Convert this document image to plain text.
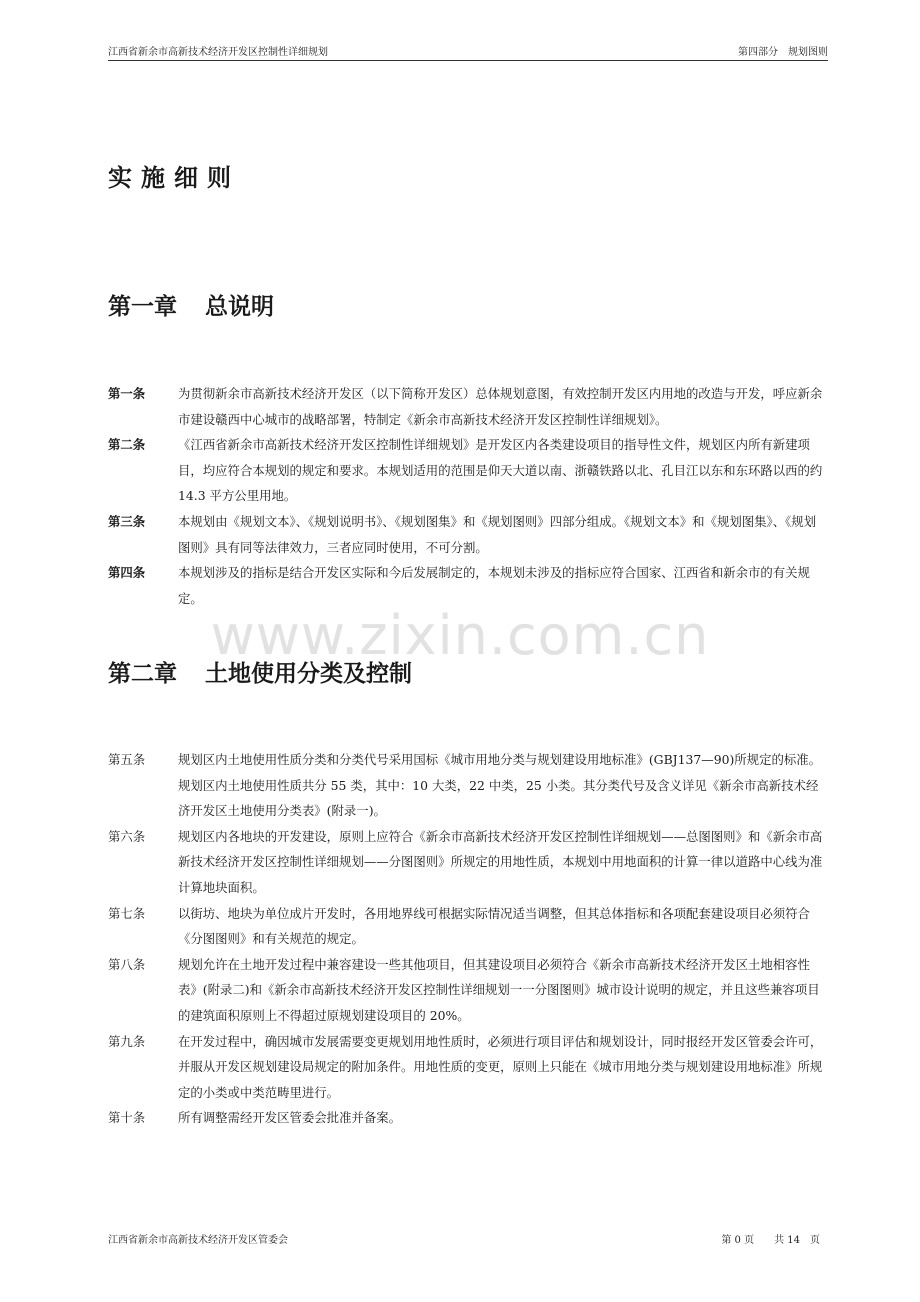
江西省新余市高新技术经济开发区控制性详细规划	第四部分　规划图则
实施细则
第一章 总说明
第一条	为贯彻新余市高新技术经济开发区（以下简称开发区）总体规划意图，有效控制开发区内用地的改造与开发，呼应新余市建设赣西中心城市的战略部署，特制定《新余市高新技术经济开发区控制性详细规划》。
第二条	《江西省新余市高新技术经济开发区控制性详细规划》是开发区内各类建设项目的指导性文件，规划区内所有新建项目，均应符合本规划的规定和要求。本规划适用的范围是仰天大道以南、浙赣铁路以北、孔目江以东和东环路以西的约 14.3 平方公里用地。
第三条	本规划由《规划文本》、《规划说明书》、《规划图集》和《规划图则》四部分组成。《规划文本》和《规划图集》、《规划图则》具有同等法律效力，三者应同时使用，不可分割。
第四条	本规划涉及的指标是结合开发区实际和今后发展制定的，本规划未涉及的指标应符合国家、江西省和新余市的有关规定。
www.zixin.com.cn
第二章 土地使用分类及控制
第五条	规划区内土地使用性质分类和分类代号采用国标《城市用地分类与规划建设用地标准》(GBJ137—90)所规定的标准。规划区内土地使用性质共分 55 类，其中：10 大类，22 中类，25 小类。其分类代号及含义详见《新余市高新技术经济开发区土地使用分类表》(附录一)。
第六条	规划区内各地块的开发建设，原则上应符合《新余市高新技术经济开发区控制性详细规划——总图图则》和《新余市高新技术经济开发区控制性详细规划——分图图则》所规定的用地性质，本规划中用地面积的计算一律以道路中心线为准计算地块面积。
第七条	以街坊、地块为单位成片开发时，各用地界线可根据实际情况适当调整，但其总体指标和各项配套建设项目必须符合《分图图则》和有关规范的规定。
第八条	规划允许在土地开发过程中兼容建设一些其他项目，但其建设项目必须符合《新余市高新技术经济开发区土地相容性表》(附录二)和《新余市高新技术经济开发区控制性详细规划一一分图图则》城市设计说明的规定，并且这些兼容项目的建筑面积原则上不得超过原规划建设项目的 20%。
第九条	在开发过程中，确因城市发展需要变更规划用地性质时，必须进行项目评估和规划设计，同时报经开发区管委会许可，并服从开发区规划建设局规定的附加条件。用地性质的变更，原则上只能在《城市用地分类与规划建设用地标准》所规定的小类或中类范畴里进行。
第十条	所有调整需经开发区管委会批准并备案。
江西省新余市高新技术经济开发区管委会	第 0 页　　共 14　页
